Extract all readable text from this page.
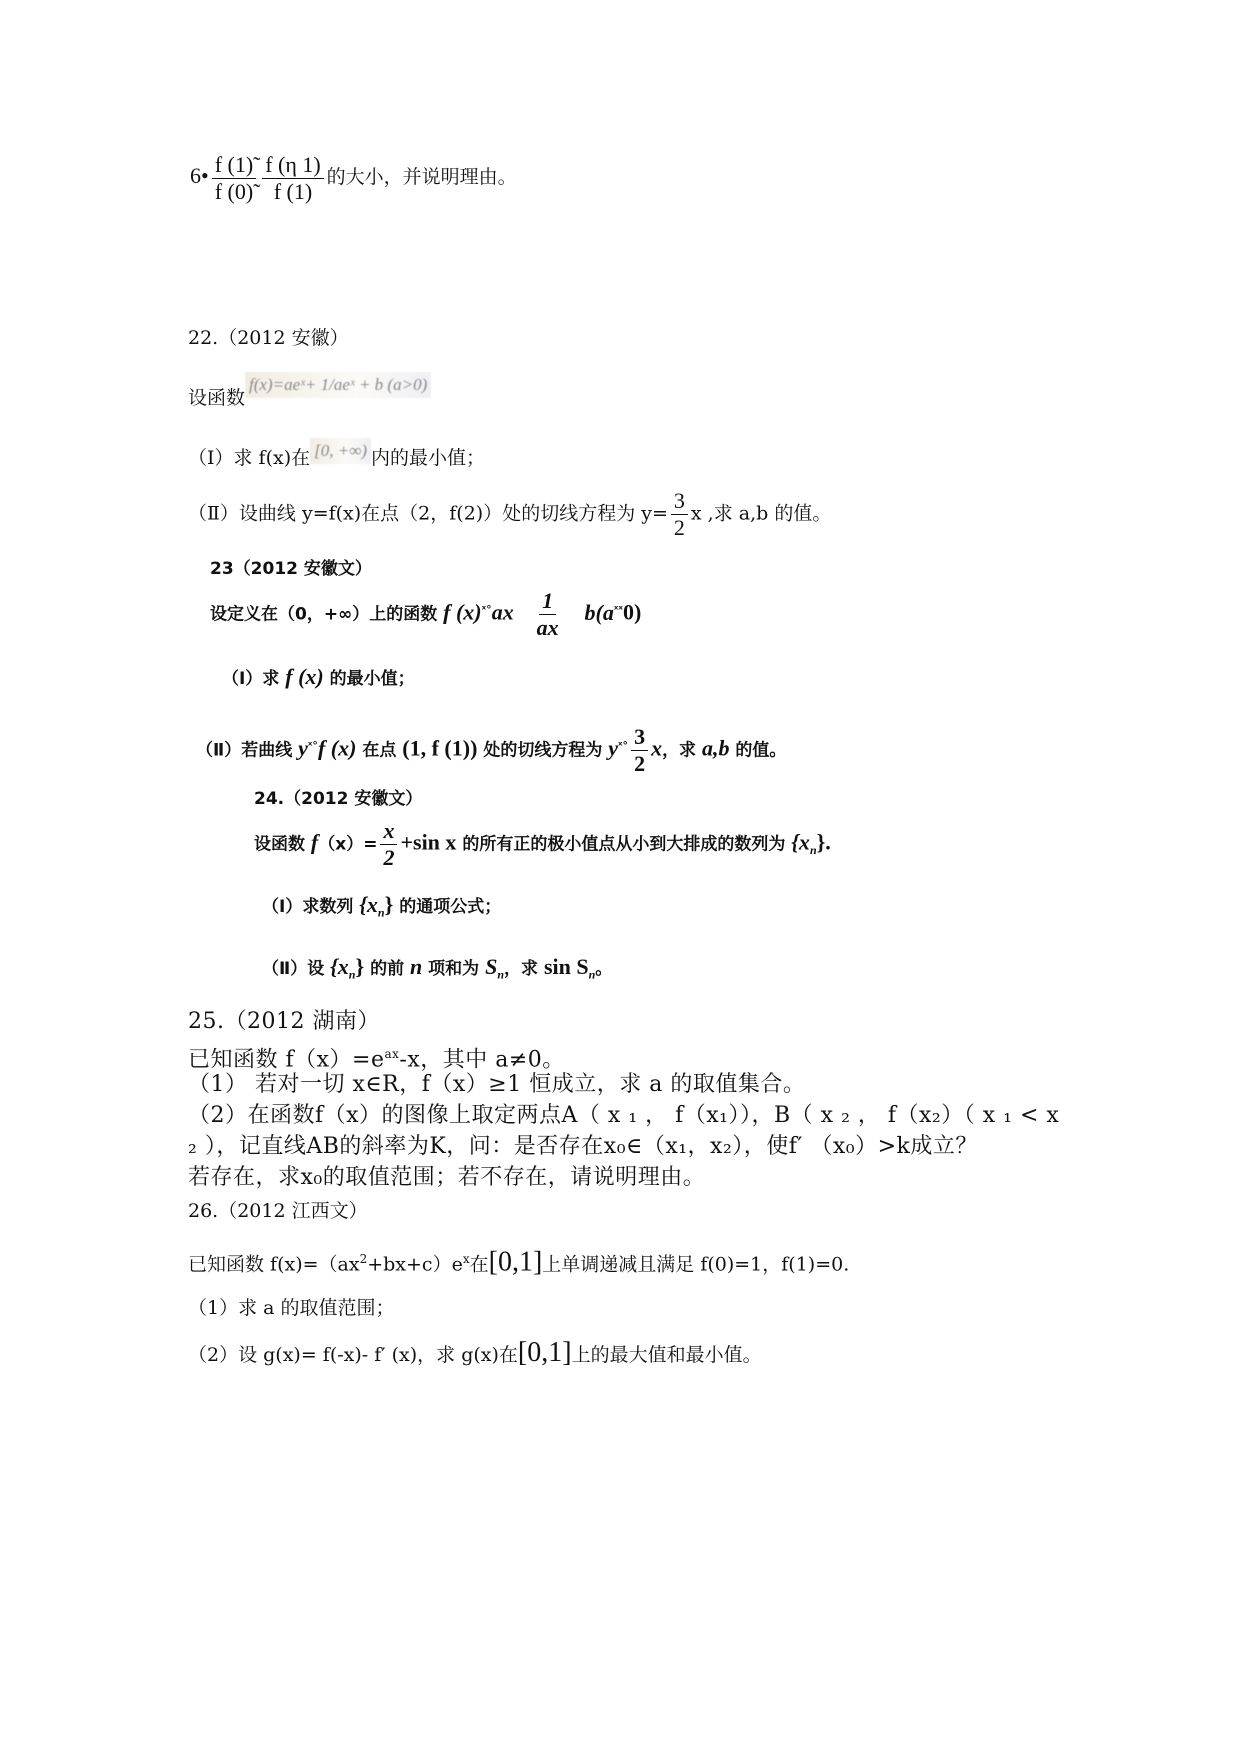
6• $\frac{f (1)̃}{f (0)̃} \frac{f (\eta 1)}{f (1)}$ 的大小，并说明理由。
22.（2012 安徽）
设函数f(x)=aeˣ+ 1/aeˣ + b (a>0)
（Ⅰ）求 f(x)在 [0, +∞) 内的最小值；
（Ⅱ）设曲线 y=f(x)在点（2，f(2)）处的切线方程为 $y= \frac{3}{2}$ x ,求 a,b 的值。
23（2012 安徽文）
设定义在（0，+∞）上的函数 f $(x)^{ˣ^\circ}ax \frac{1}{ax} b(a^{ˣˣ}0)$
（Ⅰ）求 f (x) 的最小值；
（Ⅱ）若曲线 $y^{ˣ^\circ}f$ (x) 在点 (1, f (1)) 处的切线方程为 $y^{ˣ^\circ} \frac{3}{2}$ x，求 a,b 的值。
24.（2012 安徽文）
设函数 $f(x)= \frac{x}{2} +\sin$ x 的所有正的极小值点从小到大排成的数列为 $\{x_n\}$.
（Ⅰ）求数列 $\{x_n\}$ 的通项公式；
（Ⅱ）设 $\{x_n\}$ 的前 n 项和为 $S_n$，求 $\sin S_n$。
25.（2012 湖南）
已知函数 $f(x)=e^{ax}-x$，其中 a≠0。
（1） 若对一切 x∈R，f（x）≥1 恒成立，求 a 的取值集合。
（2）在函数f（x）的图像上取定两点A（ x ₁ ， f（x₁）），B（ x ₂ ， f（x₂）（ x ₁ < x
₂ ），记直线AB的斜率为K，问：是否存在x₀∈（x₁，x₂），使f′ （x₀）>k成立？
若存在，求x₀的取值范围；若不存在，请说明理由。
26.（2012 江西文）
已知函数 $f(x)=(ax^2+bx+c)e^x$在[0,1]上单调递减且满足 f(0)=1，f(1)=0.
（1）求 a 的取值范围；
（2）设 g(x)= f(-x)- f′ (x)，求 g(x)在[0,1]上的最大值和最小值。
